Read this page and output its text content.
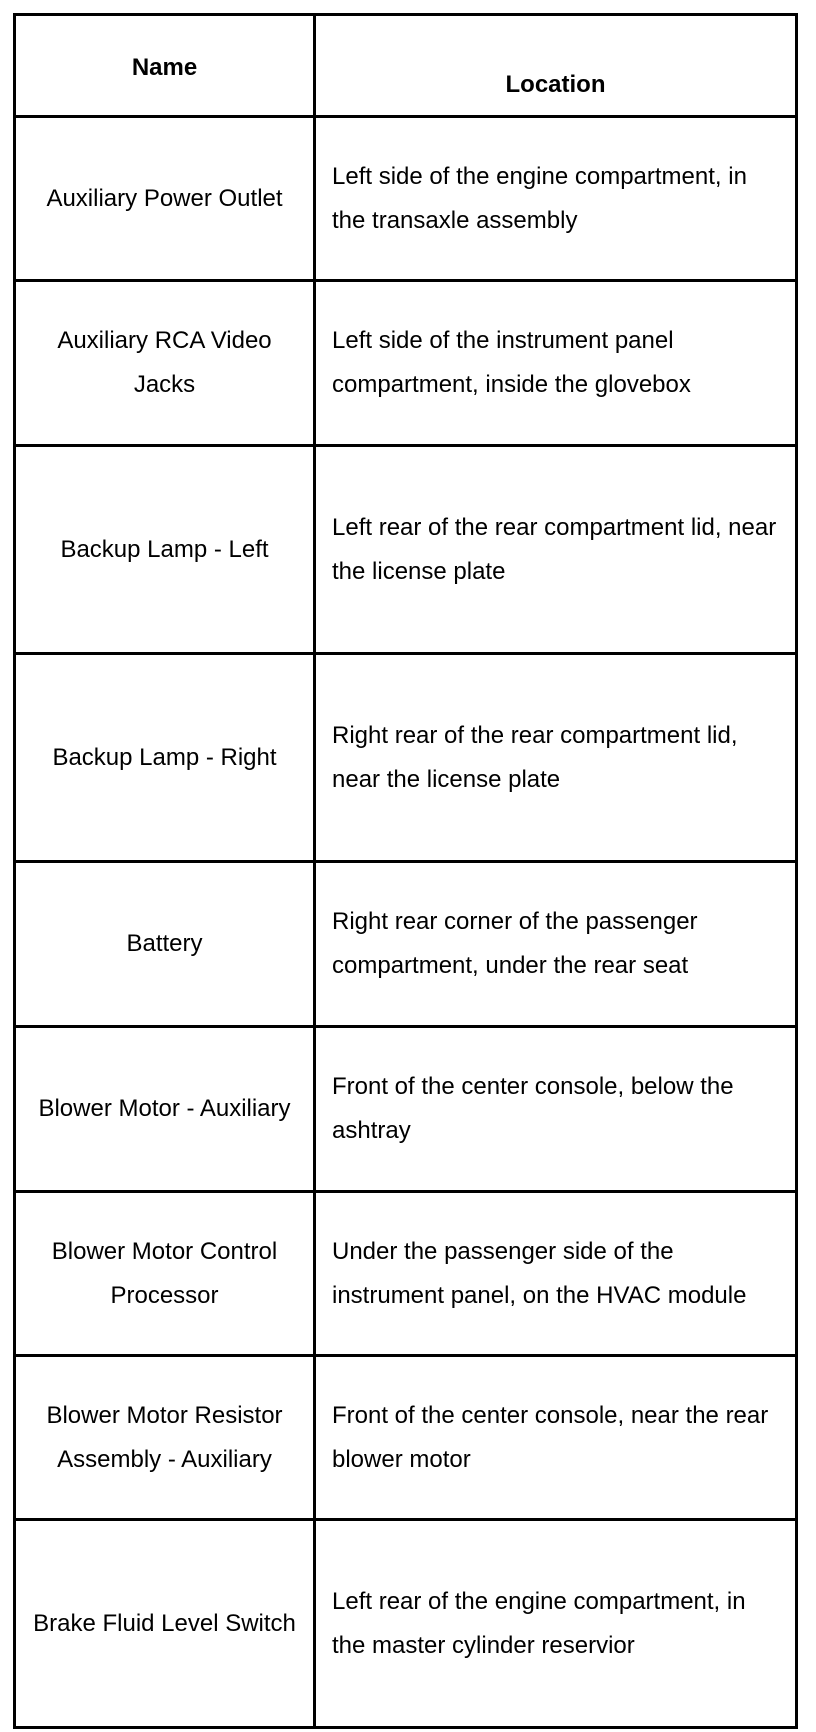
Name	Location
Auxiliary Power Outlet	Left side of the engine compartment, in the transaxle assembly
Auxiliary RCA Video Jacks	Left side of the instrument panel compartment, inside the glovebox
Backup Lamp - Left	Left rear of the rear compartment lid, near the license plate
Backup Lamp - Right	Right rear of the rear compartment lid, near the license plate
Battery	Right rear corner of the passenger compartment, under the rear seat
Blower Motor - Auxiliary	Front of the center console, below the ashtray
Blower Motor Control Processor	Under the passenger side of the instrument panel, on the HVAC module
Blower Motor Resistor Assembly - Auxiliary	Front of the center console, near the rear blower motor
Brake Fluid Level Switch	Left rear of the engine compartment, in the master cylinder reservior
